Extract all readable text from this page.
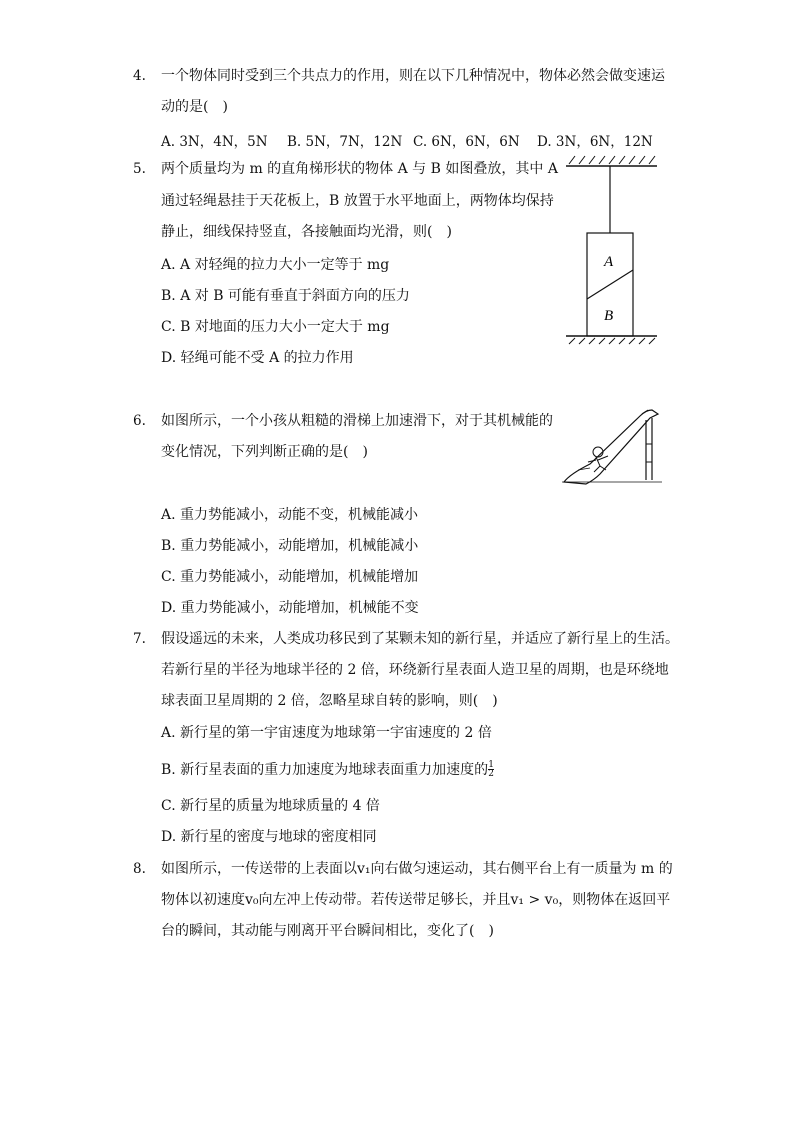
4. 一个物体同时受到三个共点力的作用，则在以下几种情况中，物体必然会做变速运
动的是(　)
A. 3N，4N，5N B. 5N，7N，12N C. 6N，6N，6N D. 3N，6N，12N
5. 两个质量均为 m 的直角梯形状的物体 A 与 B 如图叠放，其中 A
通过轻绳悬挂于天花板上，B 放置于水平地面上，两物体均保持
静止，细线保持竖直，各接触面均光滑，则(　)
A. A 对轻绳的拉力大小一定等于 mg
B. A 对 B 可能有垂直于斜面方向的压力
C. B 对地面的压力大小一定大于 mg
D. 轻绳可能不受 A 的拉力作用
A
B
6. 如图所示，一个小孩从粗糙的滑梯上加速滑下，对于其机械能的
变化情况，下列判断正确的是(　)
A. 重力势能减小，动能不变，机械能减小
B. 重力势能减小，动能增加，机械能减小
C. 重力势能减小，动能增加，机械能增加
D. 重力势能减小，动能增加，机械能不变
7. 假设遥远的未来，人类成功移民到了某颗未知的新行星，并适应了新行星上的生活。
若新行星的半径为地球半径的 2 倍，环绕新行星表面人造卫星的周期，也是环绕地
球表面卫星周期的 2 倍，忽略星球自转的影响，则(　)
A. 新行星的第一宇宙速度为地球第一宇宙速度的 2 倍
B. 新行星表面的重力加速度为地球表面重力加速度的 $\frac{1}{2}$
C. 新行星的质量为地球质量的 4 倍
D. 新行星的密度与地球的密度相同
8. 如图所示，一传送带的上表面以v₁向右做匀速运动，其右侧平台上有一质量为 m 的
物体以初速度v₀向左冲上传动带。若传送带足够长，并且v₁ > v₀，则物体在返回平
台的瞬间，其动能与刚离开平台瞬间相比，变化了(　)
